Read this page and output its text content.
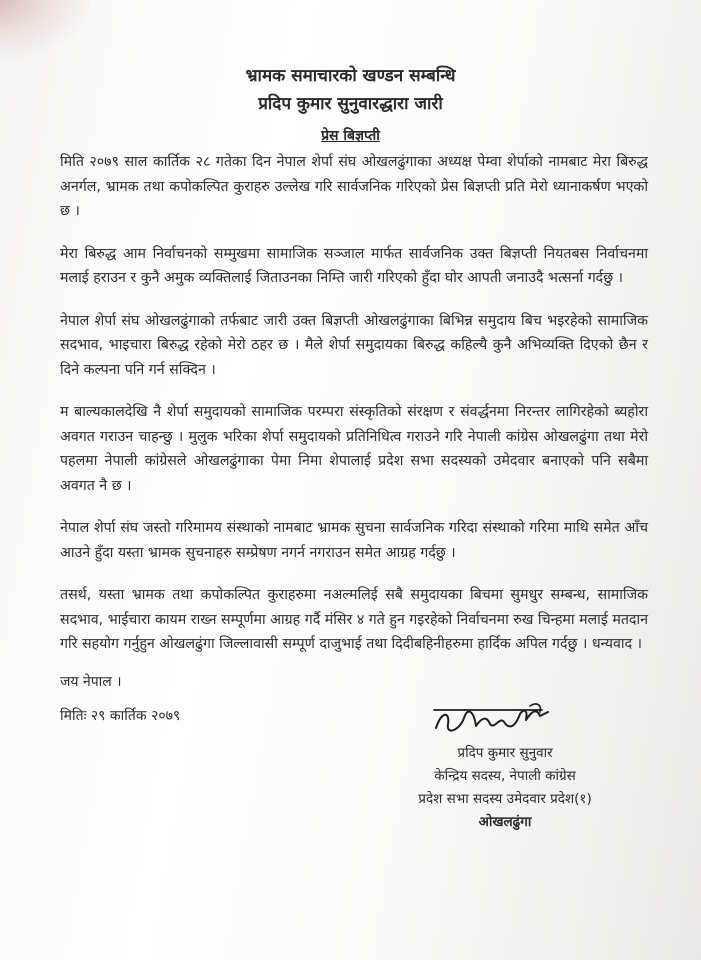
भ्रामक समाचारको खण्डन सम्बन्धि
प्रदिप कुमार सुनुवारद्धारा जारी
प्रेस बिज्ञप्ती

मिति २०७९ साल कार्तिक २८ गतेका दिन नेपाल शेर्पा संघ ओखलढुंगाका अध्यक्ष पेम्वा शेर्पाको नामबाट मेरा बिरुद्ध अनर्गल, भ्रामक तथा कपोकल्पित कुराहरु उल्लेख गरि सार्वजनिक गरिएको प्रेस बिज्ञप्ती प्रति मेरो ध्यानाकर्षण भएको छ ।

मेरा बिरुद्ध आम निर्वाचनको सम्मुखमा सामाजिक सञ्जाल मार्फत सार्वजनिक उक्त बिज्ञप्ती नियतबस निर्वाचनमा मलाई हराउन र कुनै अमुक व्यक्तिलाई जिताउनका निम्ति जारी गरिएको हुँदा घोर आपती जनाउदै भत्सर्ना गर्दछु ।

नेपाल शेर्पा संघ ओखलढुंगाको तर्फबाट जारी उक्त बिज्ञप्ती ओखलढुंगाका बिभिन्न समुदाय बिच भइरहेको सामाजिक सदभाव, भाइचारा बिरुद्ध रहेको मेरो ठहर छ । मैले शेर्पा समुदायका बिरुद्ध कहिल्यै कुनै अभिव्यक्ति दिएको छैन र दिने कल्पना पनि गर्न सक्दिन ।

म बाल्यकालदेखि नै शेर्पा समुदायको सामाजिक परम्परा संस्कृतिको संरक्षण र संवर्द्धनमा निरन्तर लागिरहेको ब्यहोरा अवगत गराउन चाहन्छु । मुलुक भरिका शेर्पा समुदायको प्रतिनिधित्व गराउने गरि नेपाली कांग्रेस ओखलढुंगा तथा मेरो पहलमा नेपाली कांग्रेसले ओखलढुंगाका पेमा निमा शेपालाई प्रदेश सभा सदस्यको उमेदवार बनाएको पनि सबैमा अवगत नै छ ।

नेपाल शेर्पा संघ जस्तो गरिमामय संस्थाको नामबाट भ्रामक सुचना सार्वजनिक गरिदा संस्थाको गरिमा माथि समेत आँच आउने हुँदा यस्ता भ्रामक सुचनाहरु सम्प्रेषण नगर्न नगराउन समेत आग्रह गर्दछु ।

तसर्थ, यस्ता भ्रामक तथा कपोकल्पित कुराहरुमा नअल्मलिई सबै समुदायका बिचमा सुमधुर सम्बन्ध, सामाजिक सदभाव, भाईचारा कायम राख्न सम्पूर्णमा आग्रह गर्दै मंसिर ४ गते हुन गइरहेको निर्वाचनमा रुख चिन्हमा मलाई मतदान गरि सहयोग गर्नुहुन ओखलढुंगा जिल्लावासी सम्पूर्ण दाजुभाई तथा दिदीबहिनीहरुमा हार्दिक अपिल गर्दछु । धन्यवाद ।

जय नेपाल ।
मितिः २९ कार्तिक २०७९
प्रदिप कुमार सुनुवार
केन्द्रिय सदस्य, नेपाली कांग्रेस
प्रदेश सभा सदस्य उमेदवार प्रदेश(१)
ओखलढुंगा
